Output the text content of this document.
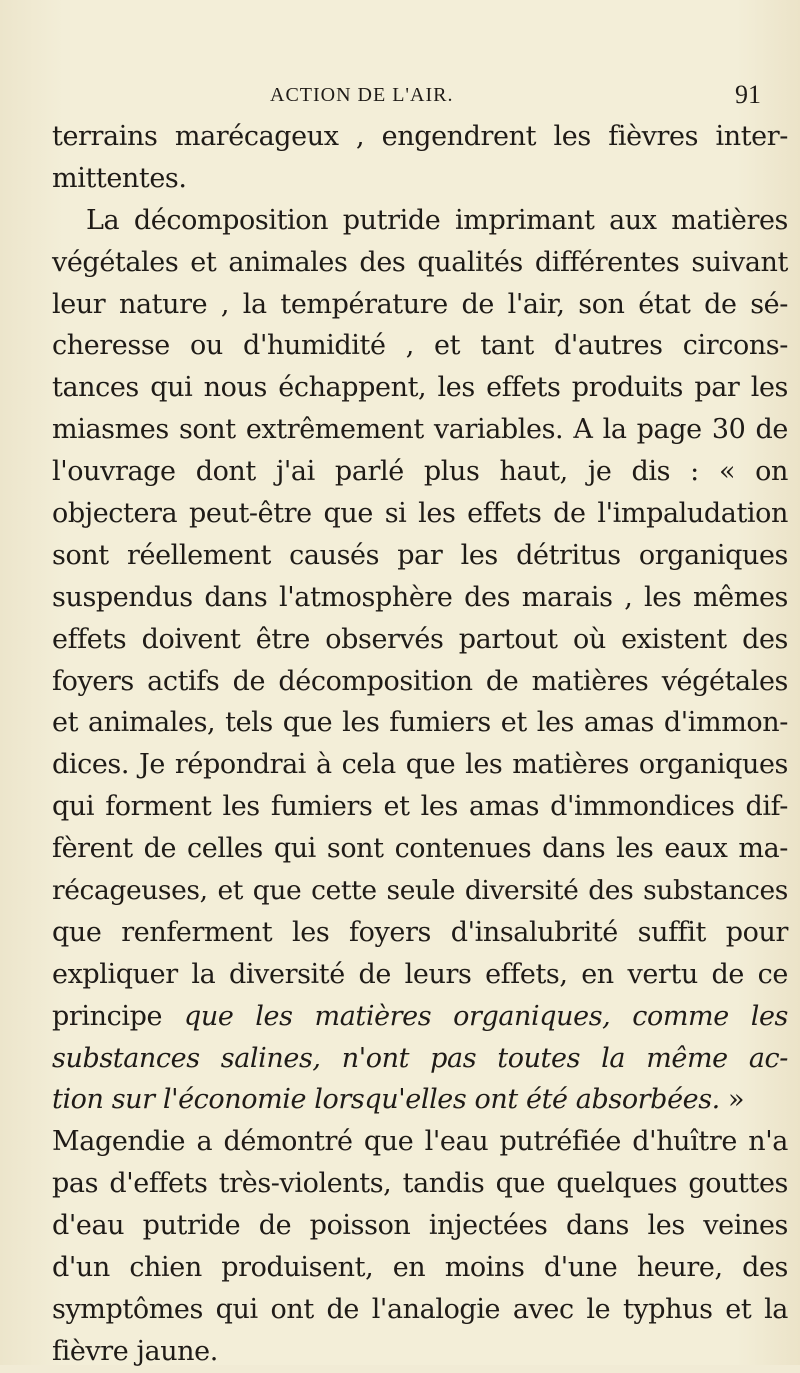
ACTION DE L'AIR.	91
terrains marécageux , engendrent les fièvres inter-
mittentes.
La décomposition putride imprimant aux matières
végétales et animales des qualités différentes suivant
leur nature , la température de l'air, son état de sé-
cheresse ou d'humidité , et tant d'autres circons-
tances qui nous échappent, les effets produits par les
miasmes sont extrêmement variables. A la page 30 de
l'ouvrage dont j'ai parlé plus haut, je dis : « on
objectera peut-être que si les effets de l'impaludation
sont réellement causés par les détritus organiques
suspendus dans l'atmosphère des marais , les mêmes
effets doivent être observés partout où existent des
foyers actifs de décomposition de matières végétales
et animales, tels que les fumiers et les amas d'immon-
dices. Je répondrai à cela que les matières organiques
qui forment les fumiers et les amas d'immondices dif-
fèrent de celles qui sont contenues dans les eaux ma-
récageuses, et que cette seule diversité des substances
que renferment les foyers d'insalubrité suffit pour
expliquer la diversité de leurs effets, en vertu de ce
principe que les matières organiques, comme les
substances salines, n'ont pas toutes la même ac-
tion sur l'économie lorsqu'elles ont été absorbées. »
Magendie a démontré que l'eau putréfiée d'huître n'a
pas d'effets très-violents, tandis que quelques gouttes
d'eau putride de poisson injectées dans les veines
d'un chien produisent, en moins d'une heure, des
symptômes qui ont de l'analogie avec le typhus et la
fièvre jaune.
